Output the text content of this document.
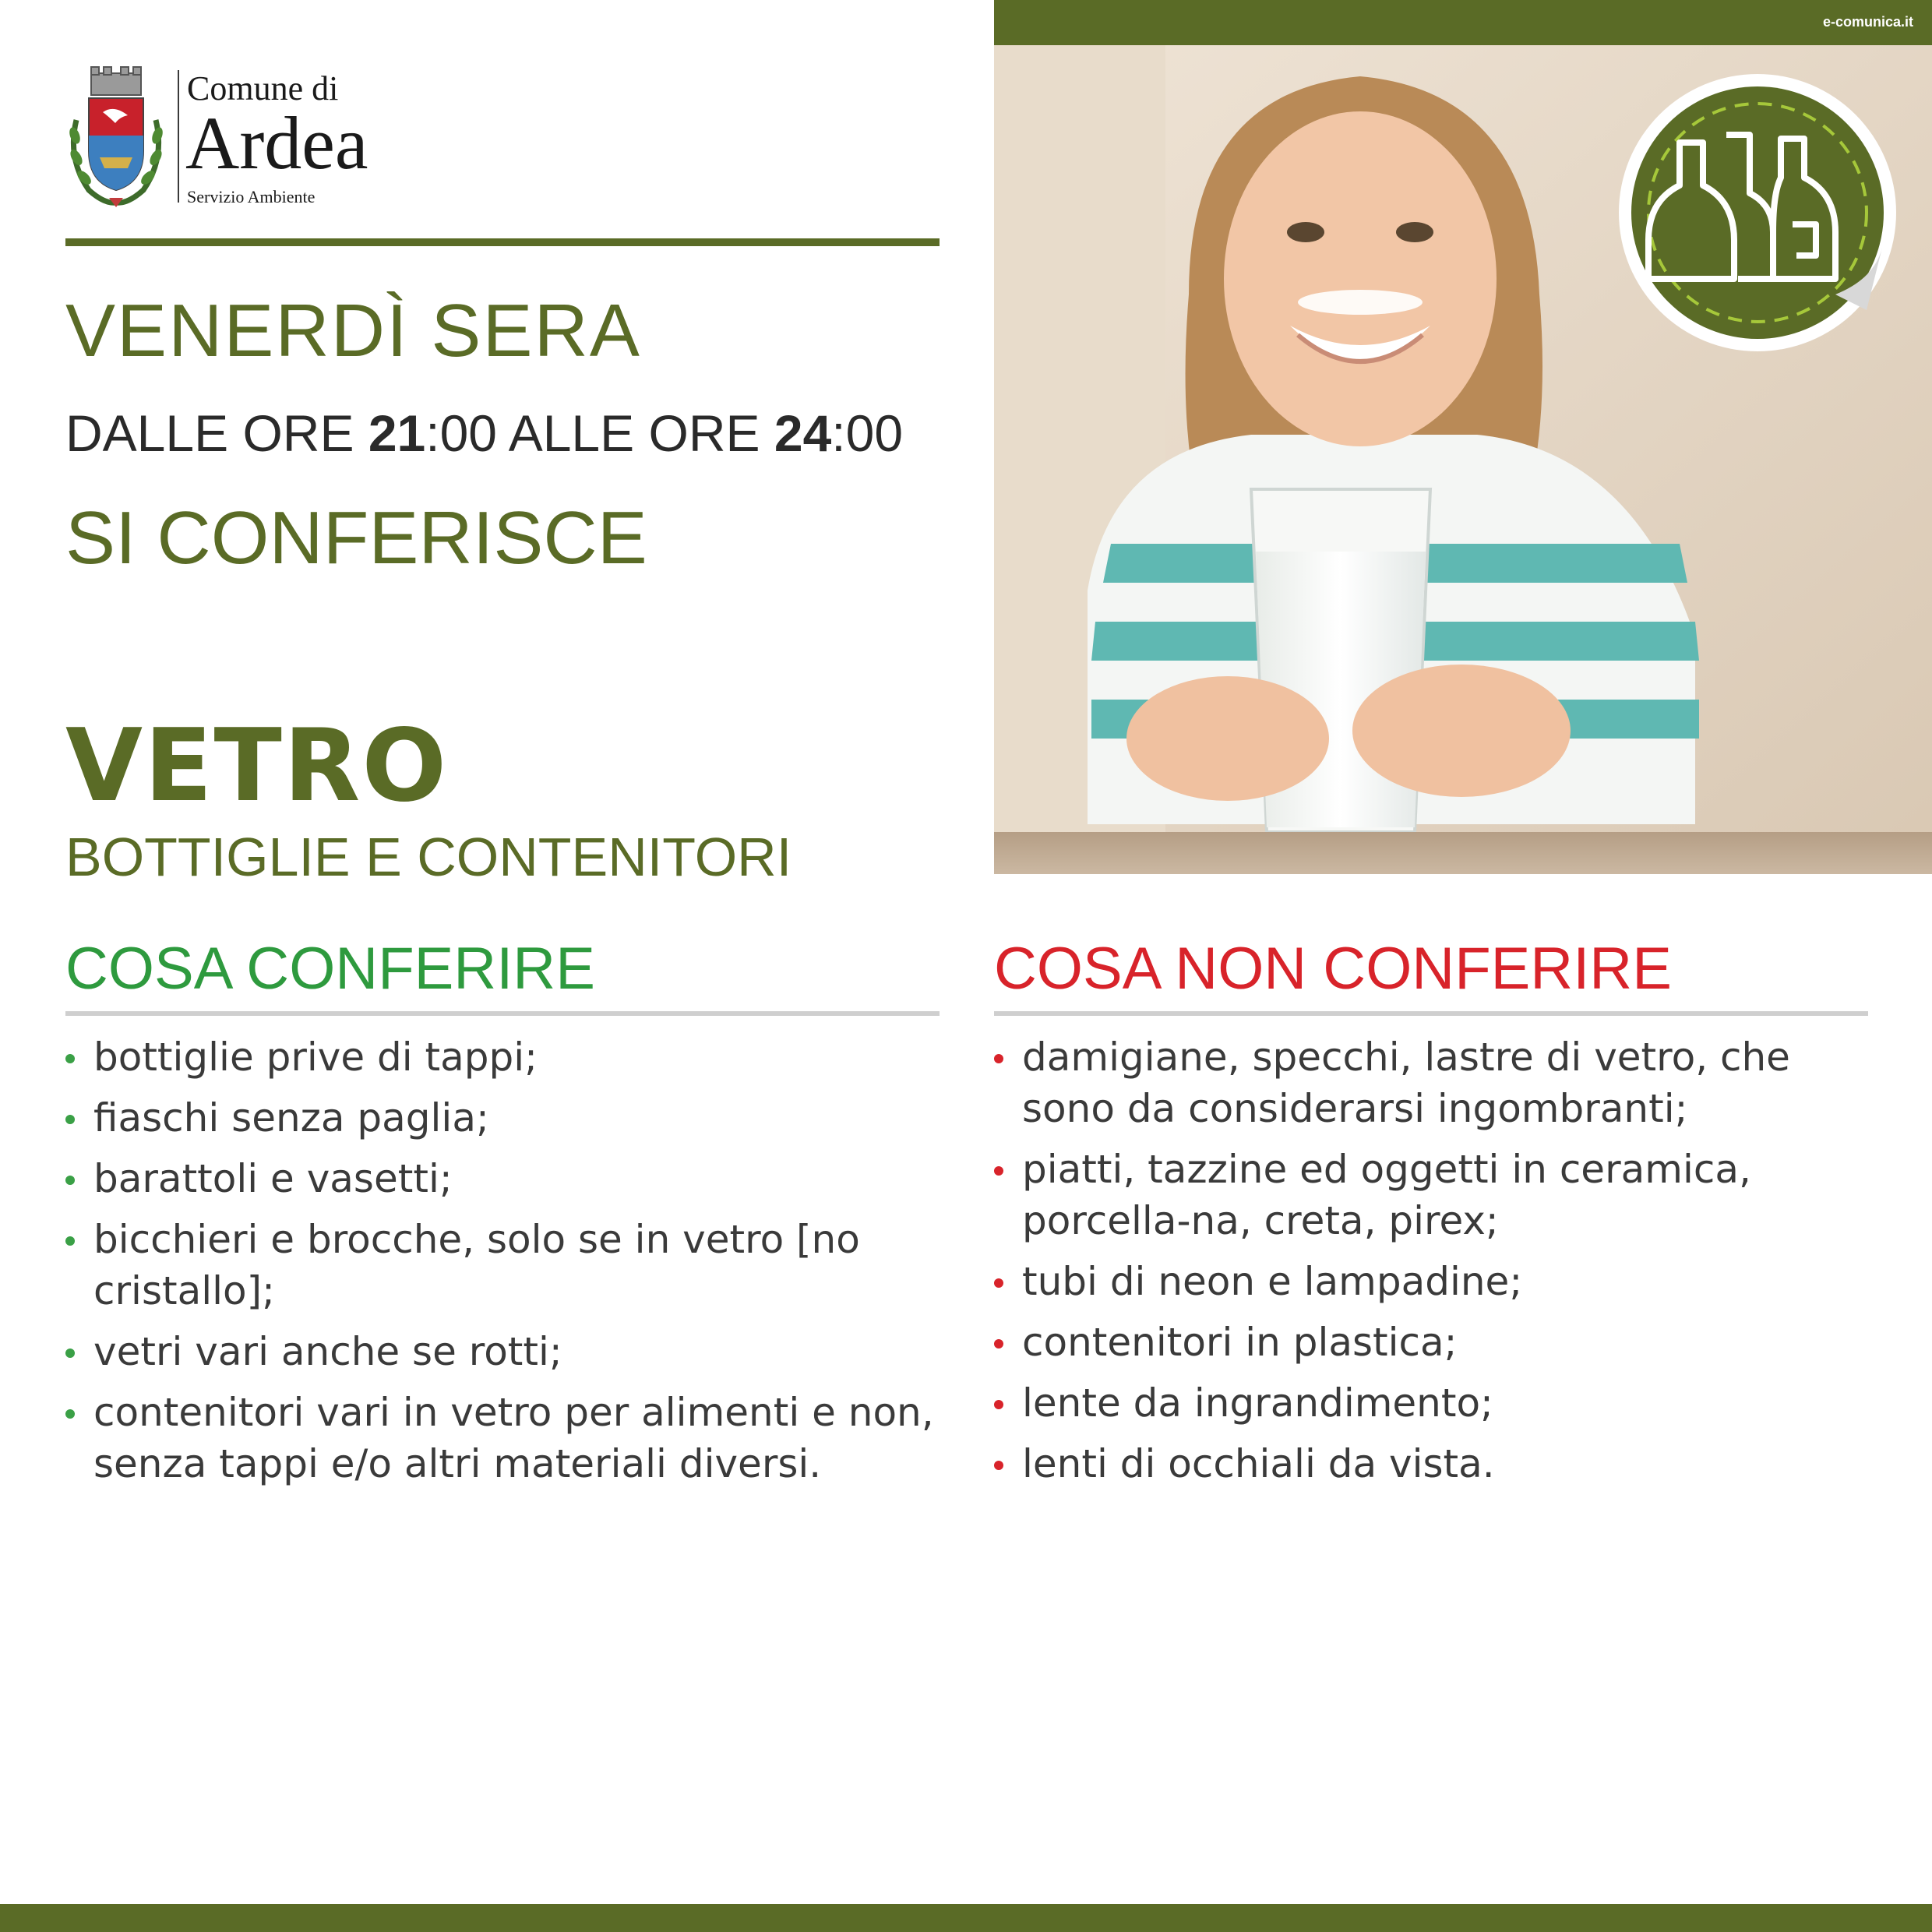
Comune di
Ardea
Servizio Ambiente
VENERDÌ SERA
DALLE ORE 21:00 ALLE ORE 24:00
SI CONFERISCE
VETRO
BOTTIGLIE E CONTENITORI
e-comunica.it
COSA CONFERIRE
bottiglie prive di tappi;
fiaschi senza paglia;
barattoli e vasetti;
bicchieri e brocche, solo se in vetro [no cristallo];
vetri vari anche se rotti;
contenitori vari in vetro per alimenti e non, senza tappi e/o altri materiali diversi.
COSA NON CONFERIRE
damigiane, specchi, lastre di vetro, che sono da considerarsi ingombranti;
piatti, tazzine ed oggetti in ceramica, porcella-na, creta, pirex;
tubi di neon e lampadine;
contenitori in plastica;
lente da ingrandimento;
lenti di occhiali da vista.
